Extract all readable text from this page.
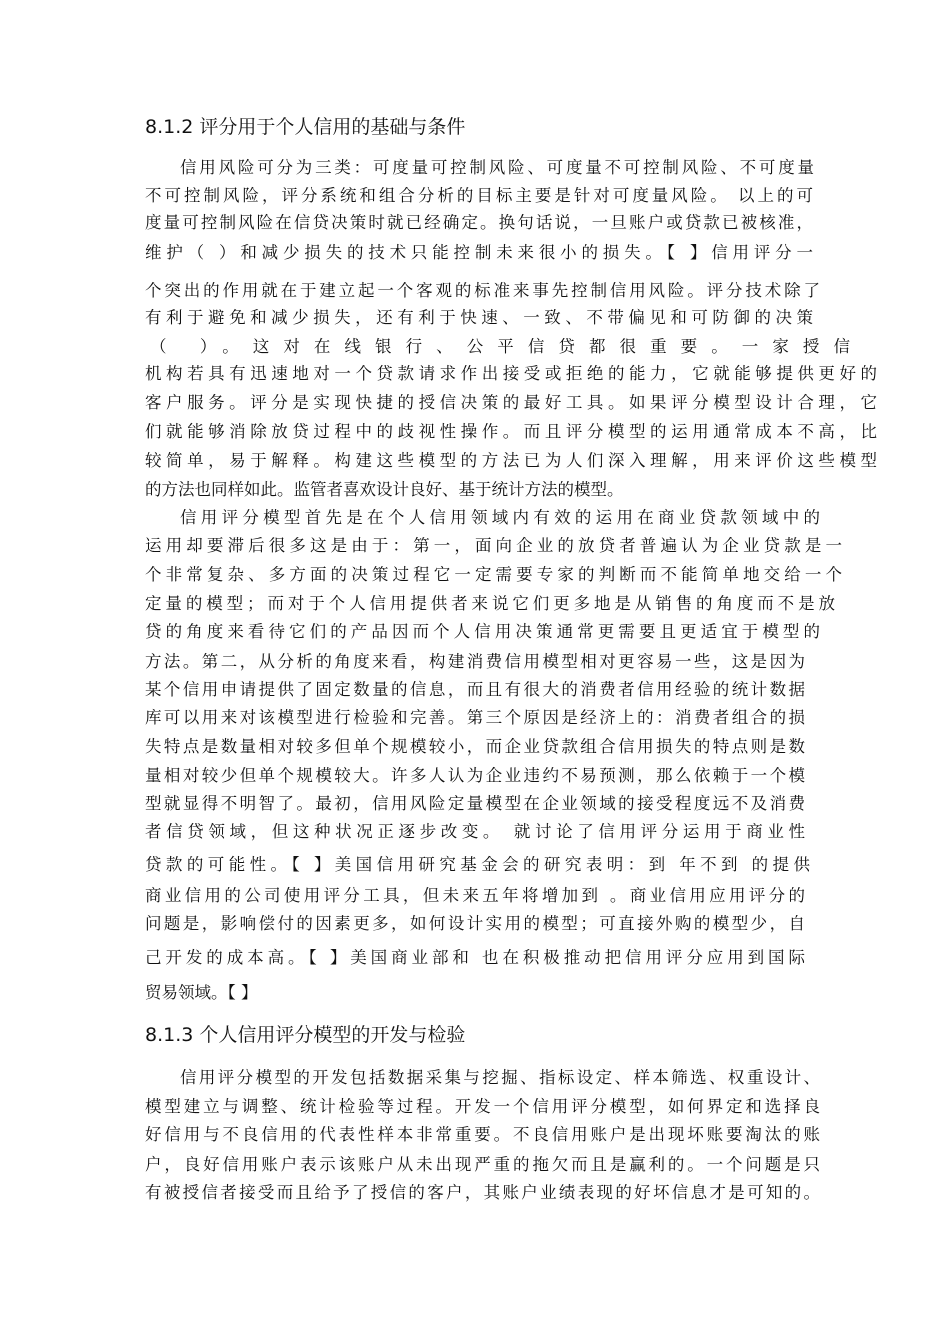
8.1.2 评分用于个人信用的基础与条件

信用风险可分为三类：可度量可控制风险、可度量不可控制风险、不可度量

不可控制风险，评分系统和组合分析的目标主要是针对可度量风险。 以上的可

度量可控制风险在信贷决策时就已经确定。换句话说，一旦账户或贷款已被核准，

维护（ ）和减少损失的技术只能控制未来很小的损失。【 】信用评分一

个突出的作用就在于建立起一个客观的标准来事先控制信用风险。评分技术除了

有利于避免和减少损失，还有利于快速、一致、不带偏见和可防御的决策

（ ）。这对在线银行、公平信贷都很重要。一家授信

机构若具有迅速地对一个贷款请求作出接受或拒绝的能力，它就能够提供更好的

客户服务。评分是实现快捷的授信决策的最好工具。如果评分模型设计合理，它

们就能够消除放贷过程中的歧视性操作。而且评分模型的运用通常成本不高，比

较简单，易于解释。构建这些模型的方法已为人们深入理解，用来评价这些模型

的方法也同样如此。监管者喜欢设计良好、基于统计方法的模型。

信用评分模型首先是在个人信用领域内有效的运用在商业贷款领域中的

运用却要滞后很多这是由于：第一，面向企业的放贷者普遍认为企业贷款是一

个非常复杂、多方面的决策过程它一定需要专家的判断而不能简单地交给一个

定量的模型；而对于个人信用提供者来说它们更多地是从销售的角度而不是放

贷的角度来看待它们的产品因而个人信用决策通常更需要且更适宜于模型的

方法。第二，从分析的角度来看，构建消费信用模型相对更容易一些，这是因为

某个信用申请提供了固定数量的信息，而且有很大的消费者信用经验的统计数据

库可以用来对该模型进行检验和完善。第三个原因是经济上的：消费者组合的损

失特点是数量相对较多但单个规模较小，而企业贷款组合信用损失的特点则是数

量相对较少但单个规模较大。许多人认为企业违约不易预测，那么依赖于一个模

型就显得不明智了。最初，信用风险定量模型在企业领域的接受程度远不及消费

者信贷领域，但这种状况正逐步改变。 就讨论了信用评分运用于商业性

贷款的可能性。【 】美国信用研究基金会的研究表明：到 年不到 的提供

商业信用的公司使用评分工具，但未来五年将增加到 。商业信用应用评分的

问题是，影响偿付的因素更多，如何设计实用的模型；可直接外购的模型少，自

己开发的成本高。【 】美国商业部和 也在积极推动把信用评分应用到国际

贸易领域。【 】

8.1.3 个人信用评分模型的开发与检验

信用评分模型的开发包括数据采集与挖掘、指标设定、样本筛选、权重设计、

模型建立与调整、统计检验等过程。开发一个信用评分模型，如何界定和选择良

好信用与不良信用的代表性样本非常重要。不良信用账户是出现坏账要淘汰的账

户，良好信用账户表示该账户从未出现严重的拖欠而且是赢利的。一个问题是只

有被授信者接受而且给予了授信的客户，其账户业绩表现的好坏信息才是可知的。
